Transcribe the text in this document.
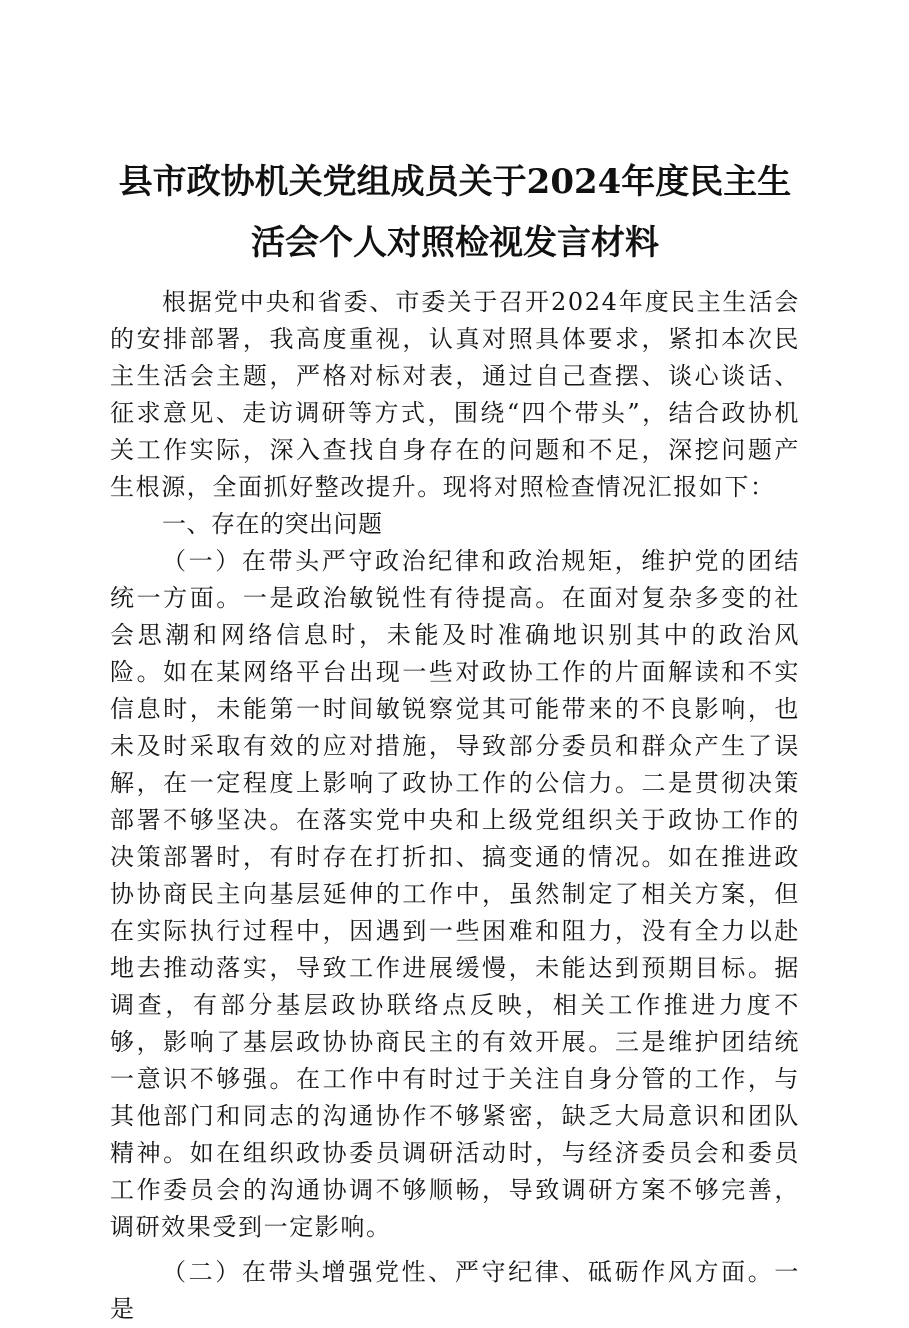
县市政协机关党组成员关于2024年度民主生
活会个人对照检视发言材料

根据党中央和省委、市委关于召开2024年度民主生活会的安排部署，我高度重视，认真对照具体要求，紧扣本次民主生活会主题，严格对标对表，通过自己查摆、谈心谈话、征求意见、走访调研等方式，围绕“四个带头”，结合政协机关工作实际，深入查找自身存在的问题和不足，深挖问题产生根源，全面抓好整改提升。现将对照检查情况汇报如下：

一、存在的突出问题

（一）在带头严守政治纪律和政治规矩，维护党的团结统一方面。一是政治敏锐性有待提高。在面对复杂多变的社会思潮和网络信息时，未能及时准确地识别其中的政治风险。如在某网络平台出现一些对政协工作的片面解读和不实信息时，未能第一时间敏锐察觉其可能带来的不良影响，也未及时采取有效的应对措施，导致部分委员和群众产生了误解，在一定程度上影响了政协工作的公信力。二是贯彻决策部署不够坚决。在落实党中央和上级党组织关于政协工作的决策部署时，有时存在打折扣、搞变通的情况。如在推进政协协商民主向基层延伸的工作中，虽然制定了相关方案，但在实际执行过程中，因遇到一些困难和阻力，没有全力以赴地去推动落实，导致工作进展缓慢，未能达到预期目标。据调查，有部分基层政协联络点反映，相关工作推进力度不够，影响了基层政协协商民主的有效开展。三是维护团结统一意识不够强。在工作中有时过于关注自身分管的工作，与其他部门和同志的沟通协作不够紧密，缺乏大局意识和团队精神。如在组织政协委员调研活动时，与经济委员会和委员工作委员会的沟通协调不够顺畅，导致调研方案不够完善，调研效果受到一定影响。

（二）在带头增强党性、严守纪律、砥砺作风方面。一是
